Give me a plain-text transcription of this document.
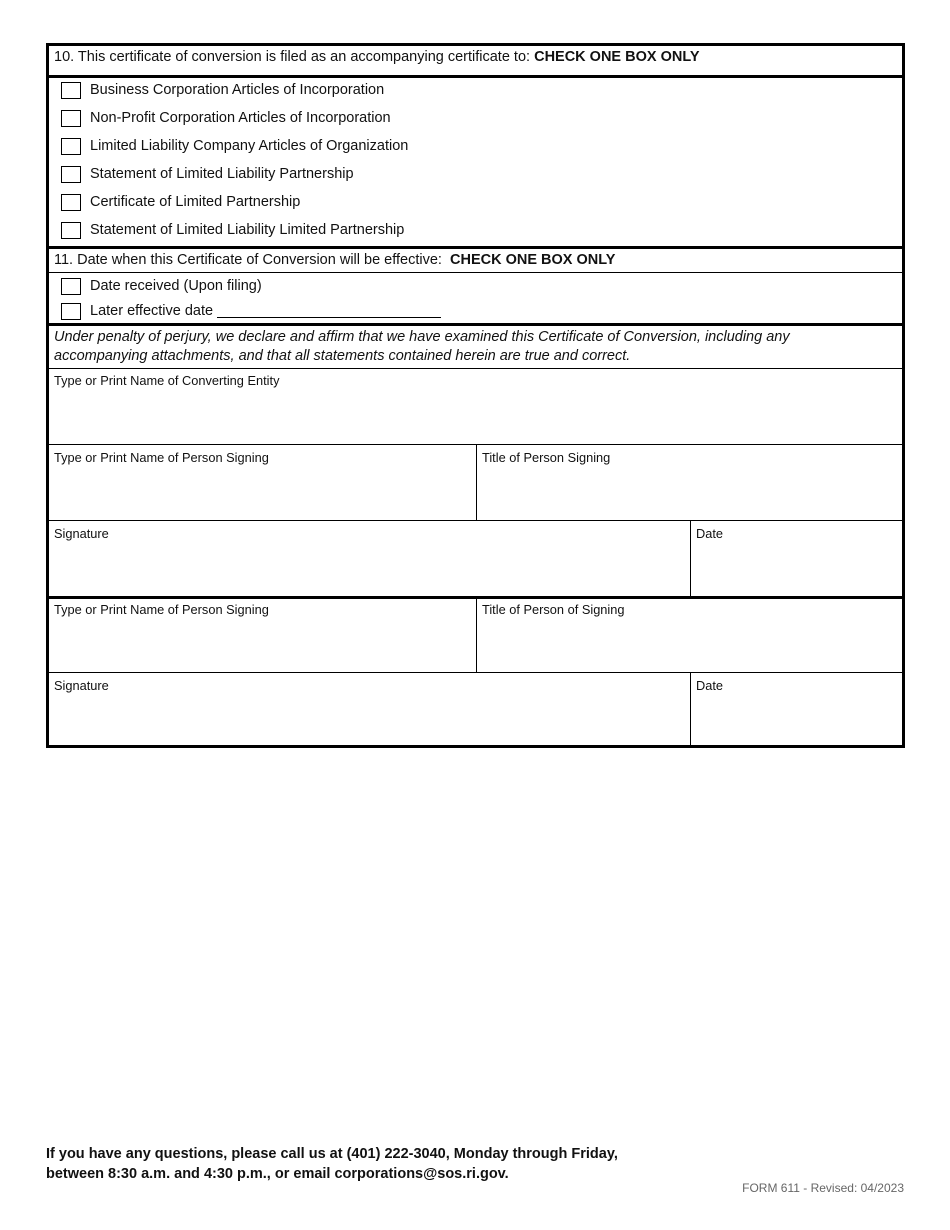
10. This certificate of conversion is filed as an accompanying certificate to: CHECK ONE BOX ONLY
Business Corporation Articles of Incorporation
Non-Profit Corporation Articles of Incorporation
Limited Liability Company Articles of Organization
Statement of Limited Liability Partnership
Certificate of Limited Partnership
Statement of Limited Liability Limited Partnership
11. Date when this Certificate of Conversion will be effective: CHECK ONE BOX ONLY
Date received (Upon filing)
Later effective date
Under penalty of perjury, we declare and affirm that we have examined this Certificate of Conversion, including any accompanying attachments, and that all statements contained herein are true and correct.
Type or Print Name of Converting Entity
Type or Print Name of Person Signing	Title of Person Signing
Signature	Date
Type or Print Name of Person Signing	Title of Person of Signing
Signature	Date
If you have any questions, please call us at (401) 222-3040, Monday through Friday,
between 8:30 a.m. and 4:30 p.m., or email corporations@sos.ri.gov.
FORM 611 - Revised: 04/2023
